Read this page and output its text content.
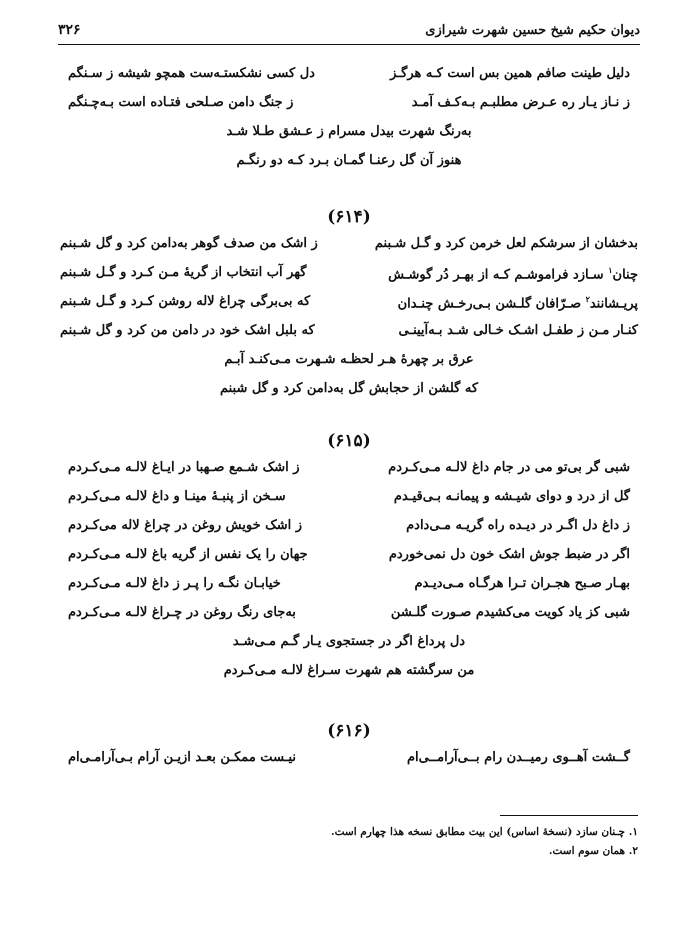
دیوان حکیم شیخ حسین شهرت شیرازی
۳۲۶
دلیل طینت صافم همین بس است کـه هرگـز
دل کسی نشکستـه‌ست همچو شیشه ز سـنگم
ز نـاز یـار ره عـرض مطلبـم بـه‌کـف آمـد
ز جنگ دامن صـلحی فتـاده است بـه‌چـنگم
به‌رنگ شهرت بیدل مسرام ز عـشق طـلا شـد
هنوز آن گل رعنـا گمـان بـرد کـه دو رنگـم
(۶۱۴)
بدخشان از سرشکم لعل خرمن کرد و گـل شـبنم
ز اشک من صدف گوهر به‌دامن کرد و گل شـبنم
چنان$^۱$ سـازد فراموشـم کـه از بهـر دُر گوشـش
گهر آب انتخاب از گریهٔ مـن کـرد و گـل شـبنم
پریـشانند$^۲$ صـرّافان گلـشن بـی‌رخـش چنـدان
که بی‌برگی چراغ لاله روشن کـرد و گـل شـبنم
کنـار مـن ز طفـل اشـک خـالی شـد بـه‌آیینـی
که بلبل اشک خود در دامن من کرد و گل شـبنم
عرق بر چهرهٔ هـر لحظـه شـهرت مـی‌کنـد آبـم
که گلشن از حجابش گل به‌دامن کرد و گل شبنم
(۶۱۵)
شبی گر بی‌تو می در جام داغ لالـه مـی‌کـردم
ز اشک شـمع صـهبا در ایـاغ لالـه مـی‌کـردم
گل از درد و دوای شیـشه و پیمانـه بـی‌قیـدم
سـخن از پنبـهٔ مینـا و داغ لالـه مـی‌کـردم
ز داغ دل اگـر در دیـده راه گریـه مـی‌دادم
ز اشک خویش روغن در چراغ لاله می‌کـردم
اگر در ضبط جوش اشک خون دل نمی‌خوردم
جهان را یک نفس از گریه باغ لالـه مـی‌کـردم
بهـار صـبح هجـران تـرا هرگـاه مـی‌دیـدم
خیابـان نگـه را پـر ز داغ لالـه مـی‌کـردم
شبی کز یاد کویت می‌کشیدم صـورت گلـشن
به‌جای رنگ روغن در چـراغ لالـه مـی‌کـردم
دل پرداغ اگر در جستجوی یـار گـم مـی‌شـد
من سرگشته هم شهرت سـراغ لالـه مـی‌کـردم
(۶۱۶)
گــشت آهــوی رمیــدن رام بــی‌آرامــی‌ام
نیـست ممکـن بعـد ازیـن آرام بـی‌آرامـی‌ام
۱. چـنان سازد (نسخهٔ اساس) این بیت مطابق نسخه هذا چهارم است.
۲. همان سوم است.
